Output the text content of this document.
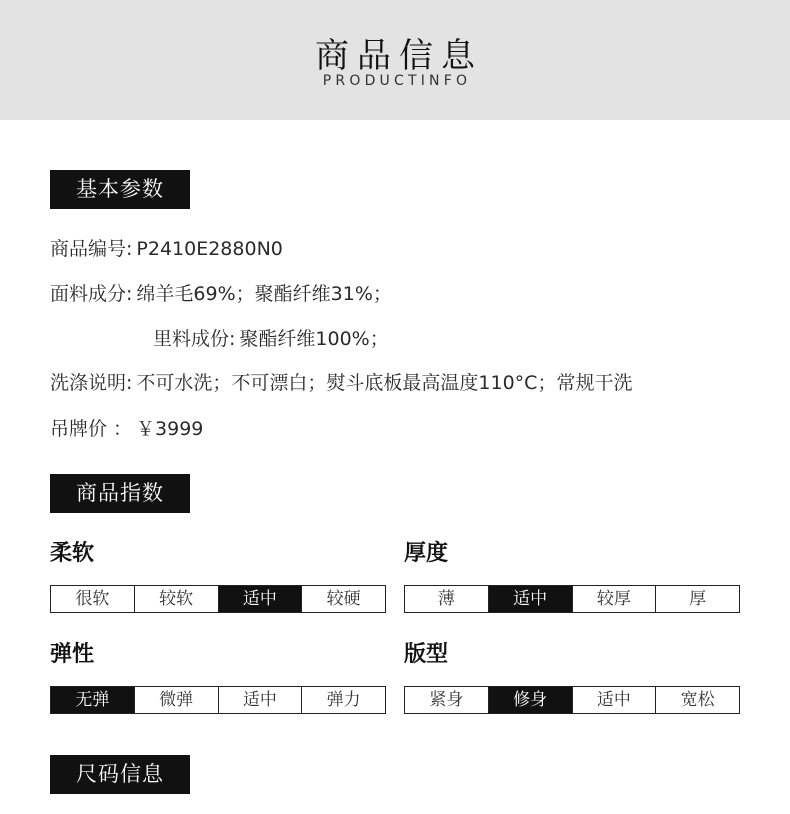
商品信息
PRODUCTINFO
基本参数
商品编号: P2410E2880N0
面料成分: 绵羊毛69%；聚酯纤维31%；
里料成份: 聚酯纤维100%；
洗涤说明: 不可水洗；不可漂白；熨斗底板最高温度110°C；常规干洗
吊牌价 ： ￥3999
商品指数
柔软
很软	较软	适中	较硬
厚度
薄	适中	较厚	厚
弹性
无弹	微弹	适中	弹力
版型
紧身	修身	适中	宽松
尺码信息
